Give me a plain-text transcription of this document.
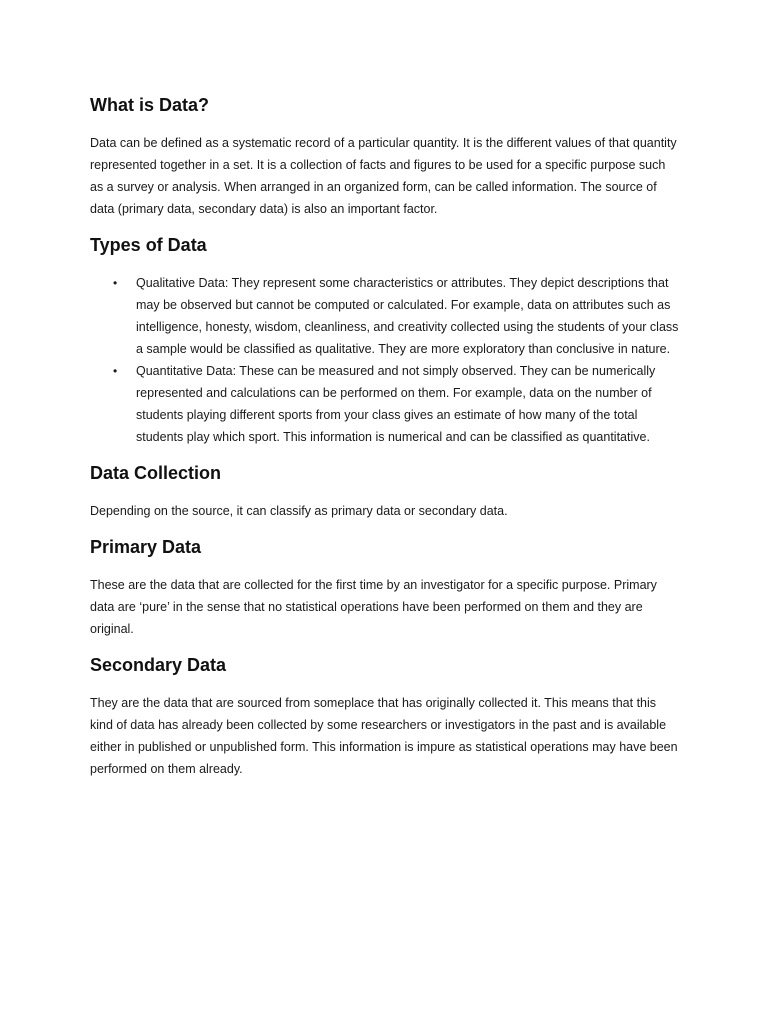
What is Data?

Data can be defined as a systematic record of a particular quantity. It is the different values of that quantity represented together in a set. It is a collection of facts and figures to be used for a specific purpose such as a survey or analysis. When arranged in an organized form, can be called information. The source of data (primary data, secondary data) is also an important factor.

Types of Data
• Qualitative Data: They represent some characteristics or attributes. They depict descriptions that may be observed but cannot be computed or calculated. For example, data on attributes such as intelligence, honesty, wisdom, cleanliness, and creativity collected using the students of your class a sample would be classified as qualitative. They are more exploratory than conclusive in nature.
• Quantitative Data: These can be measured and not simply observed. They can be numerically represented and calculations can be performed on them. For example, data on the number of students playing different sports from your class gives an estimate of how many of the total students play which sport. This information is numerical and can be classified as quantitative.
Data Collection

Depending on the source, it can classify as primary data or secondary data.

Primary Data

These are the data that are collected for the first time by an investigator for a specific purpose. Primary data are ‘pure’ in the sense that no statistical operations have been performed on them and they are original.

Secondary Data

They are the data that are sourced from someplace that has originally collected it. This means that this kind of data has already been collected by some researchers or investigators in the past and is available either in published or unpublished form. This information is impure as statistical operations may have been performed on them already.
